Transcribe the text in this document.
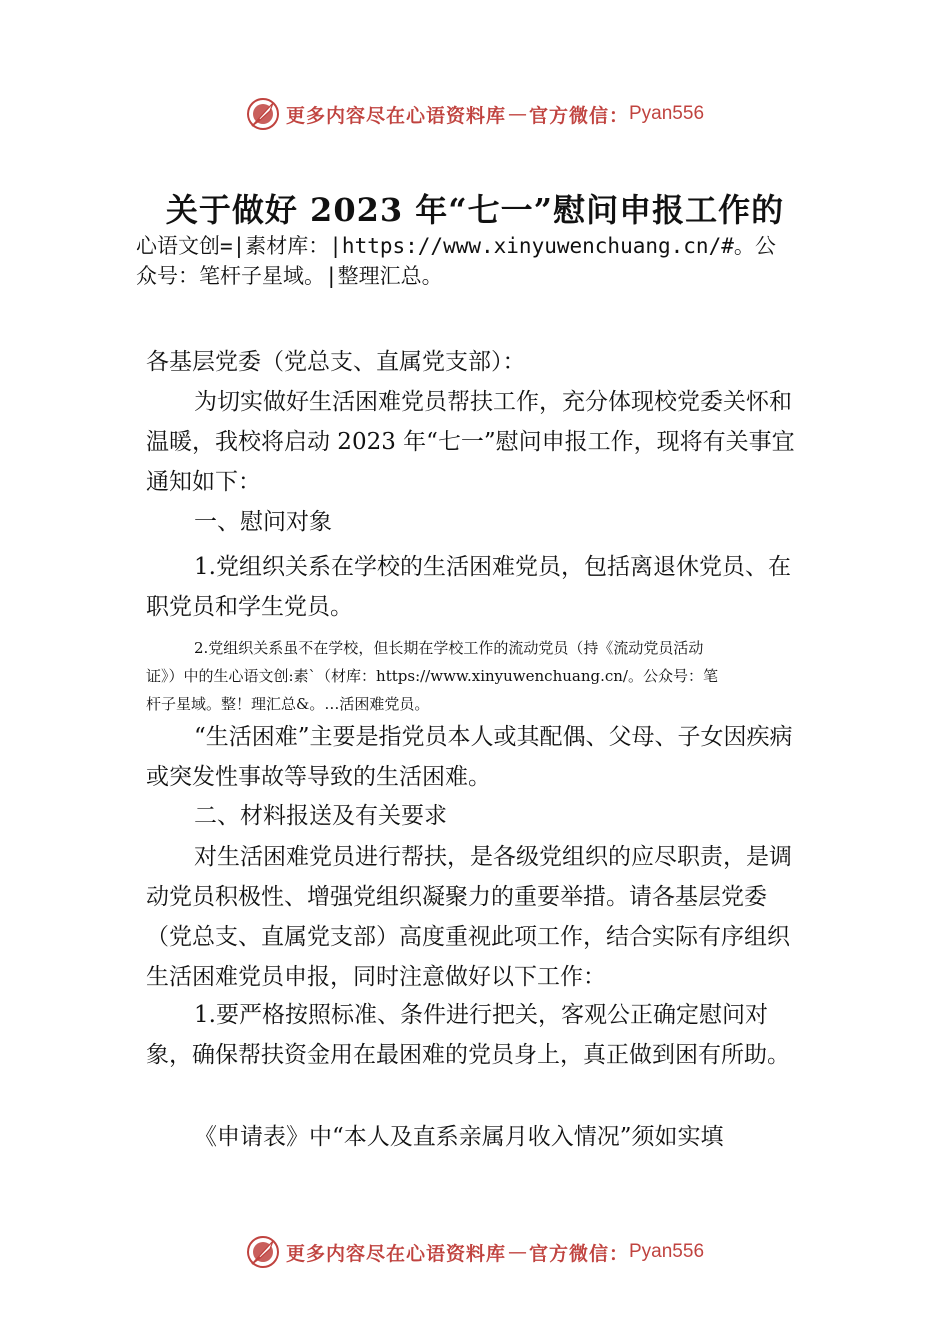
更多内容尽在心语资料库 — 官方微信： Pyan556
关于做好 2023 年“七一”慰问申报工作的
心语文创=|素材库：|https://www.xinyuwenchuang.cn/#。公
众号：笔杆子星域。|整理汇总。
各基层党委（党总支、直属党支部）：
为切实做好生活困难党员帮扶工作，充分体现校党委关怀和温暖，我校将启动 2023 年“七一”慰问申报工作，现将有关事宜通知如下：
一、慰问对象
1.党组织关系在学校的生活困难党员，包括离退休党员、在职党员和学生党员。
2.党组织关系虽不在学校，但长期在学校工作的流动党员（持《流动党员活动
证》）中的生心语文创:素`（材库：https://www.xinyuwenchuang.cn/。公众号：笔
杆子星域。整！理汇总&。…活困难党员。
“生活困难”主要是指党员本人或其配偶、父母、子女因疾病或突发性事故等导致的生活困难。
二、材料报送及有关要求
对生活困难党员进行帮扶，是各级党组织的应尽职责，是调动党员积极性、增强党组织凝聚力的重要举措。请各基层党委（党总支、直属党支部）高度重视此项工作，结合实际有序组织生活困难党员申报，同时注意做好以下工作：
1.要严格按照标准、条件进行把关，客观公正确定慰问对象，确保帮扶资金用在最困难的党员身上，真正做到困有所助。
《申请表》中“本人及直系亲属月收入情况”须如实填
更多内容尽在心语资料库 — 官方微信： Pyan556
